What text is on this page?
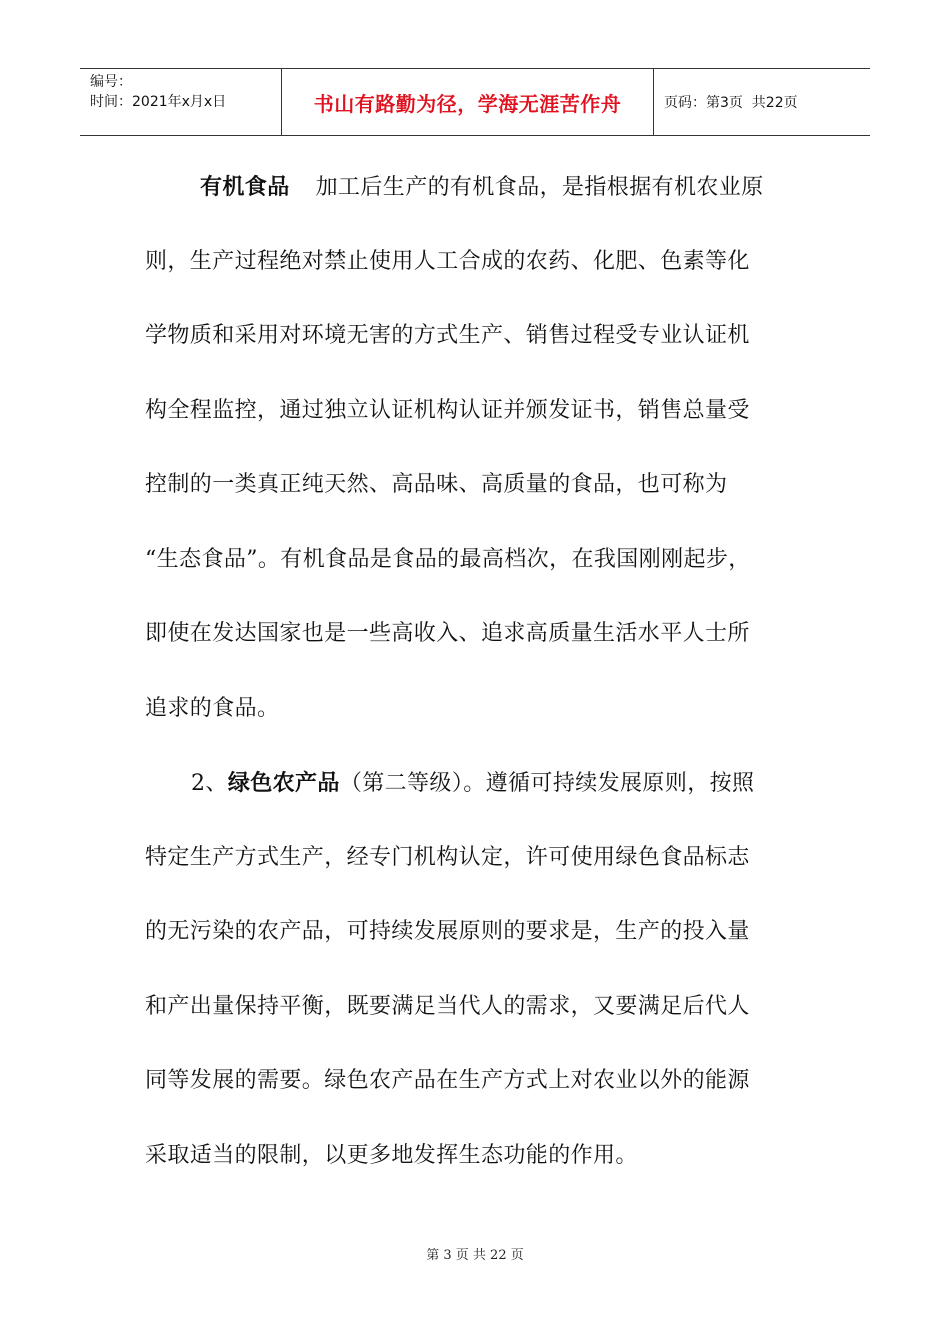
编号：
时间：2021年x月x日	书山有路勤为径，学海无涯苦作舟	页码：第3页  共22页
有机食品 加工后生产的有机食品，是指根据有机农业原
则，生产过程绝对禁止使用人工合成的农药、化肥、色素等化
学物质和采用对环境无害的方式生产、销售过程受专业认证机
构全程监控，通过独立认证机构认证并颁发证书，销售总量受
控制的一类真正纯天然、高品味、高质量的食品，也可称为
“生态食品”。有机食品是食品的最高档次，在我国刚刚起步，
即使在发达国家也是一些高收入、追求高质量生活水平人士所
追求的食品。
2、绿色农产品（第二等级）。遵循可持续发展原则，按照
特定生产方式生产，经专门机构认定，许可使用绿色食品标志
的无污染的农产品，可持续发展原则的要求是，生产的投入量
和产出量保持平衡，既要满足当代人的需求，又要满足后代人
同等发展的需要。绿色农产品在生产方式上对农业以外的能源
采取适当的限制，以更多地发挥生态功能的作用。
第 3 页 共 22 页
